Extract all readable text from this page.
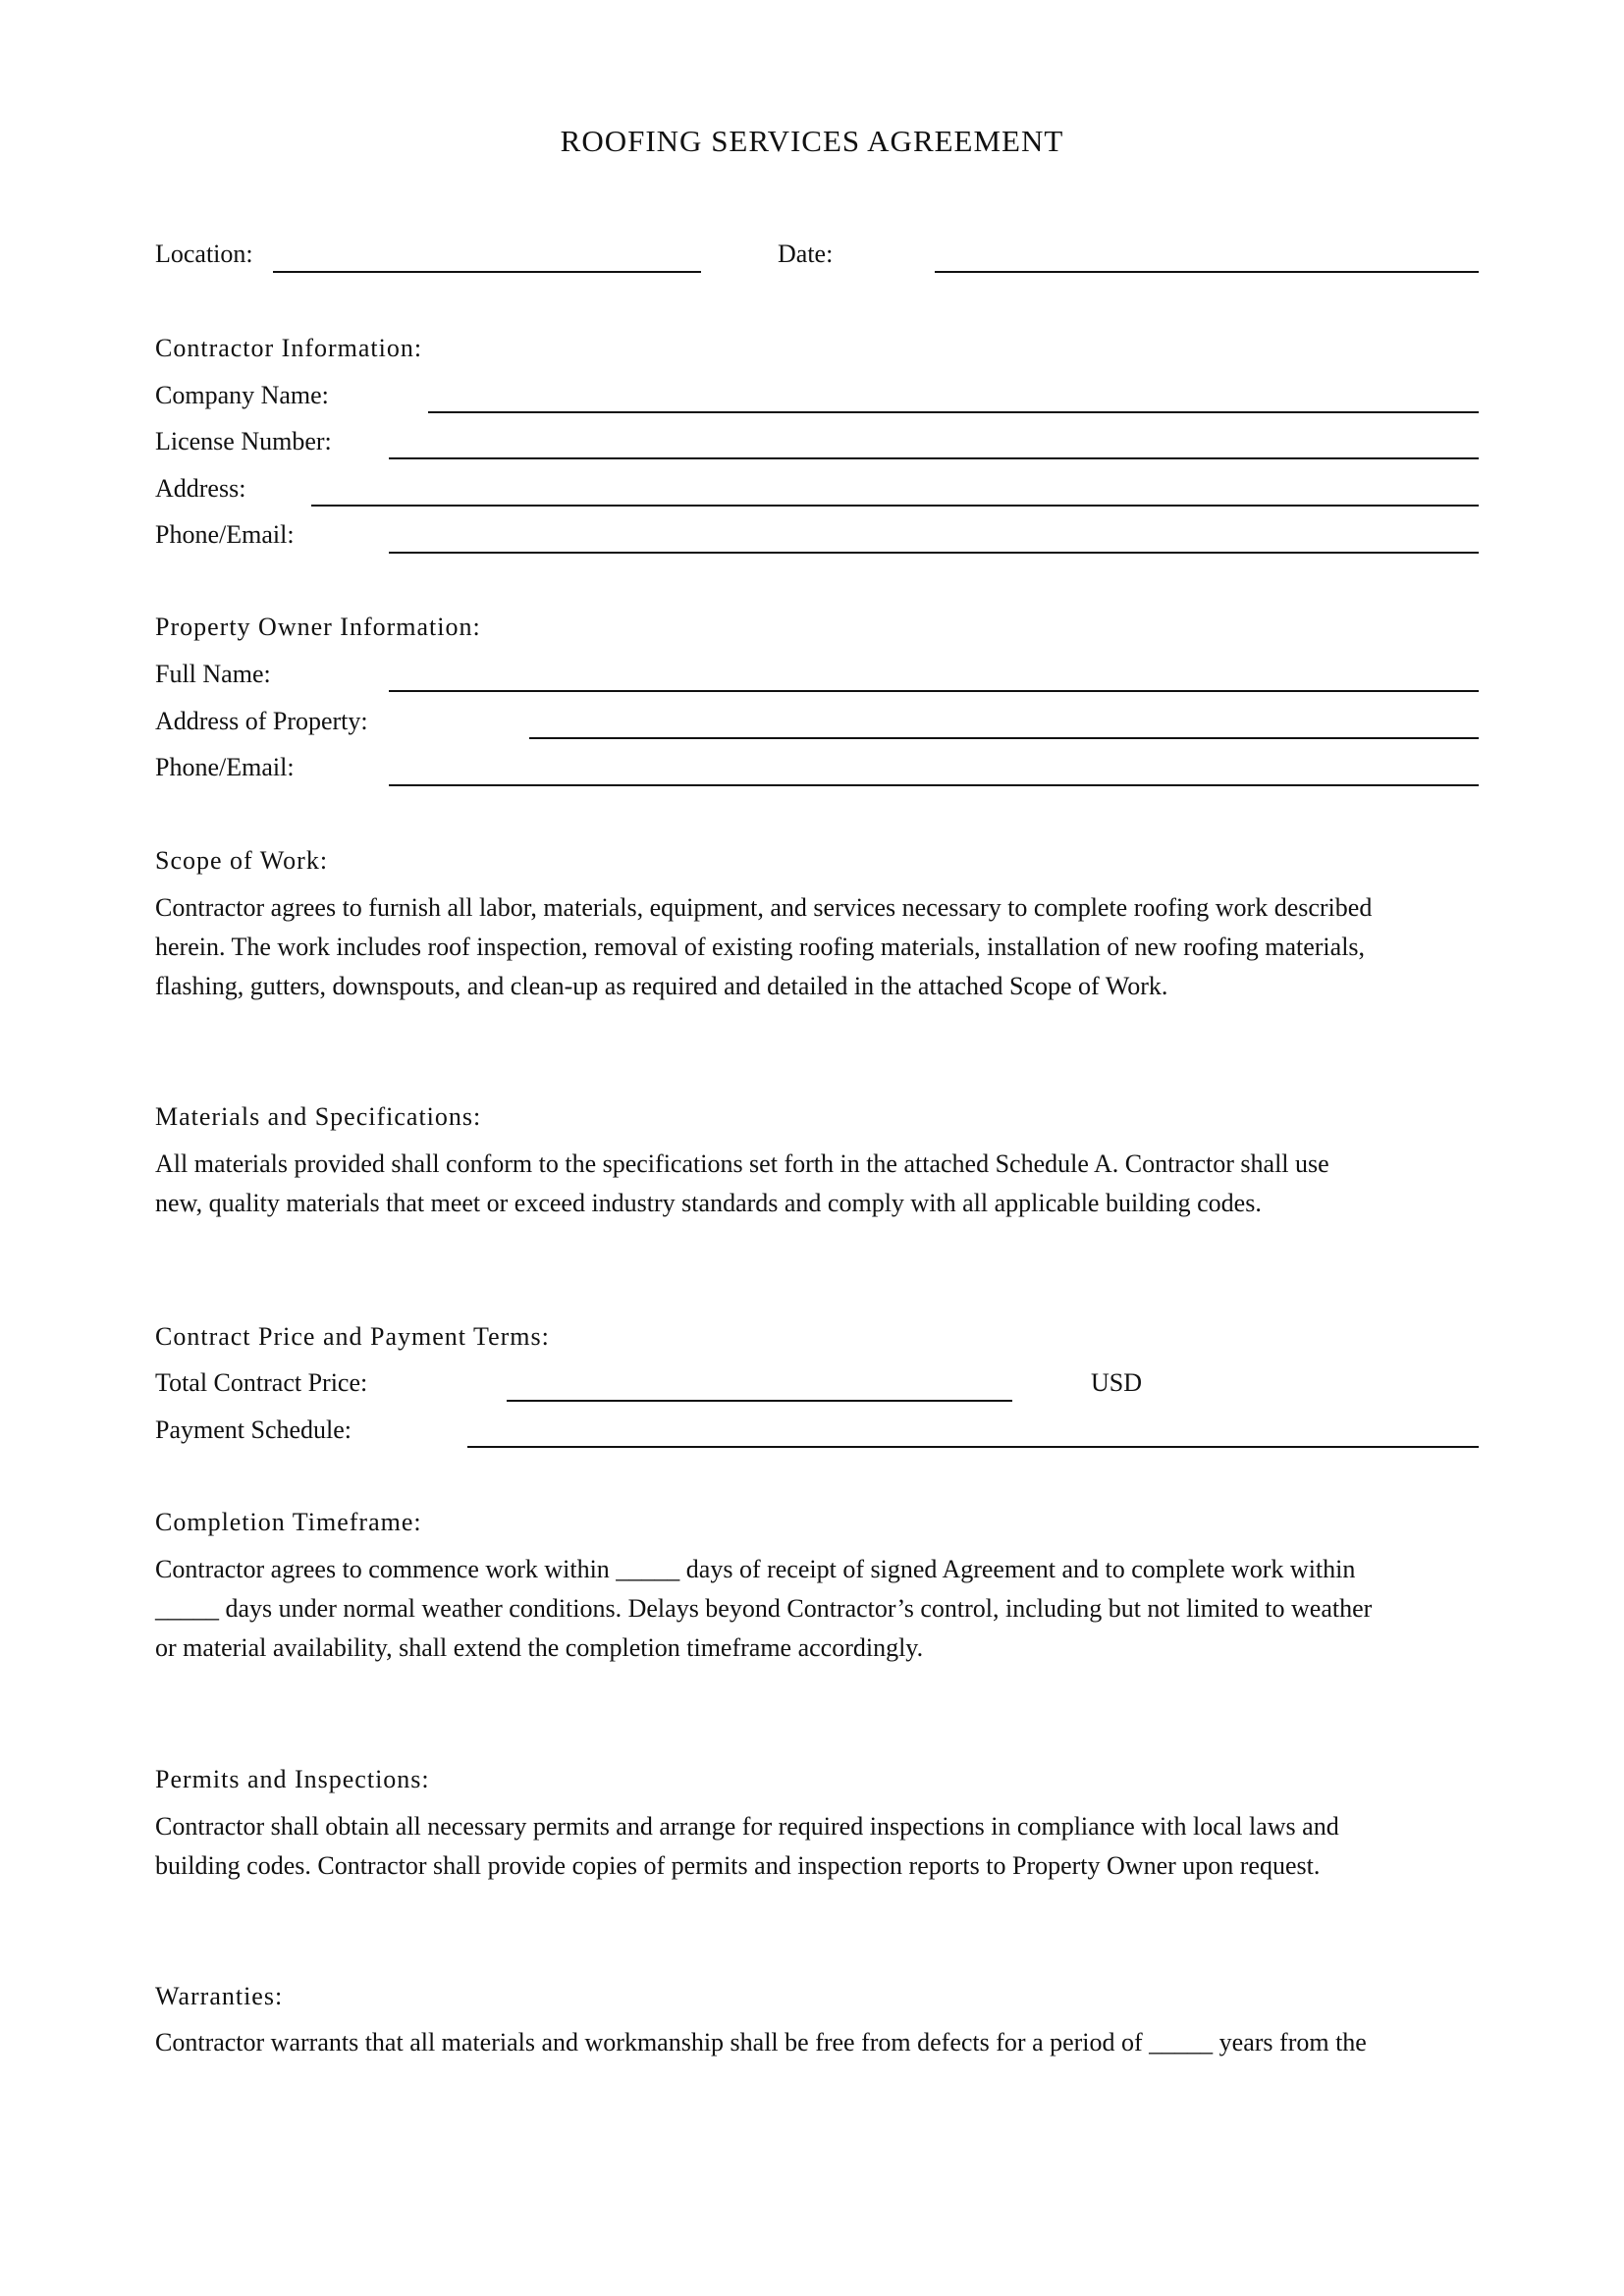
ROOFING SERVICES AGREEMENT
Location:	Date:
Contractor Information:
Company Name:
License Number:
Address:
Phone/Email:
Property Owner Information:
Full Name:
Address of Property:
Phone/Email:
Scope of Work:

Contractor agrees to furnish all labor, materials, equipment, and services necessary to complete roofing work described

herein. The work includes roof inspection, removal of existing roofing materials, installation of new roofing materials,

flashing, gutters, downspouts, and clean-up as required and detailed in the attached Scope of Work.

Materials and Specifications:

All materials provided shall conform to the specifications set forth in the attached Schedule A. Contractor shall use

new, quality materials that meet or exceed industry standards and comply with all applicable building codes.

Contract Price and Payment Terms:
Total Contract Price:	USD
Payment Schedule:
Completion Timeframe:

Contractor agrees to commence work within _____ days of receipt of signed Agreement and to complete work within

_____ days under normal weather conditions. Delays beyond Contractor’s control, including but not limited to weather

or material availability, shall extend the completion timeframe accordingly.

Permits and Inspections:

Contractor shall obtain all necessary permits and arrange for required inspections in compliance with local laws and

building codes. Contractor shall provide copies of permits and inspection reports to Property Owner upon request.

Warranties:

Contractor warrants that all materials and workmanship shall be free from defects for a period of _____ years from the
